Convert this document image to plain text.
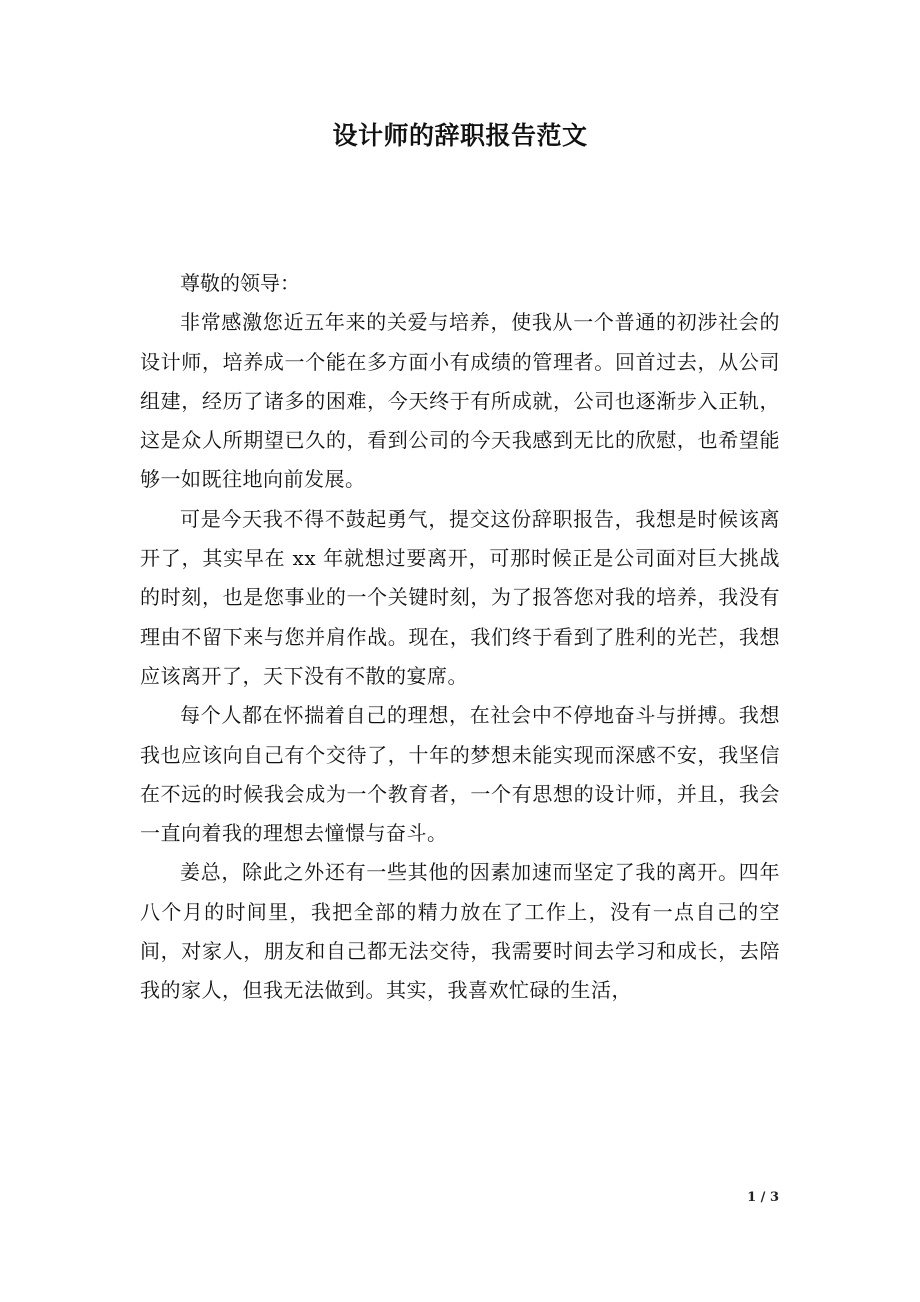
设计师的辞职报告范文

尊敬的领导：

非常感激您近五年来的关爱与培养，使我从一个普通的初涉社会的设计师，培养成一个能在多方面小有成绩的管理者。回首过去，从公司组建，经历了诸多的困难，今天终于有所成就，公司也逐渐步入正轨，这是众人所期望已久的，看到公司的今天我感到无比的欣慰，也希望能够一如既往地向前发展。

可是今天我不得不鼓起勇气，提交这份辞职报告，我想是时候该离开了，其实早在 xx 年就想过要离开，可那时候正是公司面对巨大挑战的时刻，也是您事业的一个关键时刻，为了报答您对我的培养，我没有理由不留下来与您并肩作战。现在，我们终于看到了胜利的光芒，我想应该离开了，天下没有不散的宴席。

每个人都在怀揣着自己的理想，在社会中不停地奋斗与拼搏。我想我也应该向自己有个交待了，十年的梦想未能实现而深感不安，我坚信在不远的时候我会成为一个教育者，一个有思想的设计师，并且，我会一直向着我的理想去憧憬与奋斗。

姜总，除此之外还有一些其他的因素加速而坚定了我的离开。四年八个月的时间里，我把全部的精力放在了工作上，没有一点自己的空间，对家人，朋友和自己都无法交待，我需要时间去学习和成长，去陪我的家人，但我无法做到。其实，我喜欢忙碌的生活，

1 / 3
